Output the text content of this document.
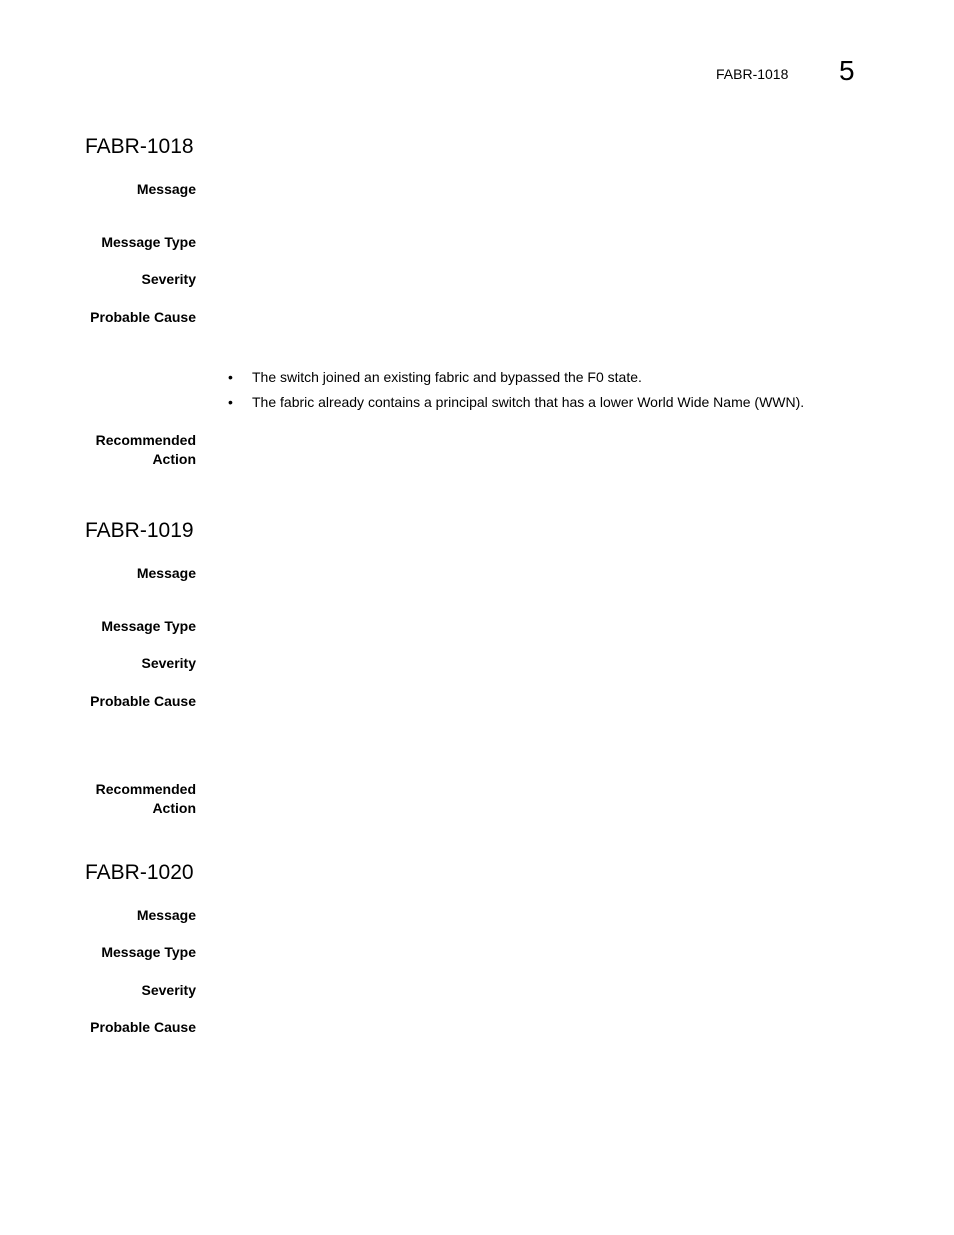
FABR-1018 5
FABR-1018
Message
Message Type
Severity
Probable Cause
• The switch joined an existing fabric and bypassed the F0 state.
• The fabric already contains a principal switch that has a lower World Wide Name (WWN).
Recommended
Action
FABR-1019
Message
Message Type
Severity
Probable Cause
Recommended
Action
FABR-1020
Message
Message Type
Severity
Probable Cause
